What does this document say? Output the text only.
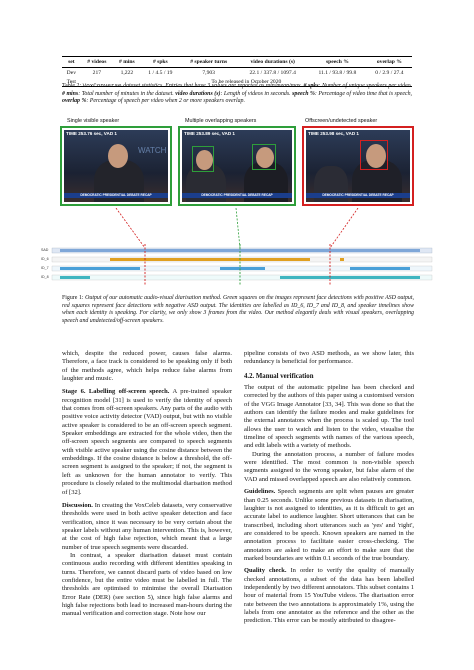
set	# videos	# mins	# spks	# speaker turns	video durations (s)	speech %	overlap %
Dev	217	1,222	1 / 4.5 / 19	7,903	22.1 / 337.8 / 1097.4	11.1 / 93.8 / 99.8	0 / 2.9 / 27.4
Test	To be released in October 2020						
Table 2: VoxConverse dataset statistics. Entries that have 3 values are reported as min/mean/max. # spks: Number of unique speakers per video. # mins: Total number of minutes in the dataset. video durations (s): Length of videos in seconds. speech %: Percentage of video time that is speech, overlap %: Percentage of speech per video when 2 or more speakers overlap.
Single visible speaker	Multiple overlapping speakers	Offscreen/undetected speaker
WATCH
TIME 253.76 sec, VAD 1
DEMOCRATIC PRESIDENTIAL DEBATE RECAP
TIME 253.89 sec, VAD 1
DEMOCRATIC PRESIDENTIAL DEBATE RECAP
TIME 253.98 sec, VAD 1
DEMOCRATIC PRESIDENTIAL DEBATE RECAP
SAD
ID_6
ID_7
ID_8
Figure 1: Output of our automatic audio-visual diarisation method. Green squares on the images represent face detections with positive ASD output, red squares represent face detections with negative ASD output. The identities are labelled as ID_6, ID_7 and ID_8, and speaker timelines show when each identity is speaking. For clarity, we only show 3 frames from the video. Our method elegantly deals with visual speakers, overlapping speech and undetected/off-screen speakers.

which, despite the reduced power, causes false alarms. Therefore, a face track is considered to be speaking only if both of the methods agree, which helps reduce false alarms from laughter and music.

Stage 6. Labelling off-screen speech. A pre-trained speaker recognition model [31] is used to verify the identity of speech that comes from off-screen speakers. Any parts of the audio with positive voice activity detector (VAD) output, but with no visible active speaker is considered to be an off-screen speech segment. Speaker embeddings are extracted for the whole video, then the off-screen speech segments are compared to speech segments with visible active speaker using the cosine distance between the embeddings. If the cosine distance is below a threshold, the off-screen segment is assigned to the speaker; if not, the segment is left as unknown for the human annotator to verify. This procedure is closely related to the multimodal diarisation method of [32].

Discussion. In creating the VoxCeleb datasets, very conservative thresholds were used in both active speaker detection and face verification, since it was necessary to be very certain about the speaker labels without any human intervention. This is, however, at the cost of high false rejection, which meant that a large number of true speech segments were discarded.

In contrast, a speaker diarisation dataset must contain continuous audio recording with different identities speaking in turns. Therefore, we cannot discard parts of video based on low confidence, but the entire video must be labelled in full. The thresholds are optimised to minimise the overall Diarisation Error Rate (DER) (see section 5), since high false alarms and high false rejections both lead to increased man-hours during the manual verification and correction stage. Note how our

pipeline consists of two ASD methods, as we show later, this redundancy is beneficial for performance.

4.2. Manual verification

The output of the automatic pipeline has been checked and corrected by the authors of this paper using a customised version of the VGG Image Annotator [33, 34]. This was done so that the authors can identify the failure modes and make guidelines for the external annotators when the process is scaled up. The tool allows the user to watch and listen to the video, visualise the timeline of speech segments with names of the various speech, and edit labels with a variety of methods.

During the annotation process, a number of failure modes were identified. The most common is non-visible speech segments assigned to the wrong speaker, but false alarm of the VAD and missed overlapped speech are also relatively common.

Guidelines. Speech segments are split when pauses are greater than 0.25 seconds. Unlike some previous datasets in diarisation, laughter is not assigned to identities, as it is difficult to get an accurate label to audience laughter. Short utterances that can be transcribed, including short utterances such as 'yes' and 'right', are considered to be speech. Known speakers are named in the annotation process to facilitate easier cross-checking. The annotators are asked to make an effort to make sure that the marked boundaries are within 0.1 seconds of the true boundary.

Quality check. In order to verify the quality of manually checked annotations, a subset of the data has been labelled independently by two different annotators. This subset contains 1 hour of material from 15 YouTube videos. The diarisation error rate between the two annotations is approximately 1%, using the labels from one annotator as the reference and the other as the prediction. This error can be mostly attributed to disagree-
